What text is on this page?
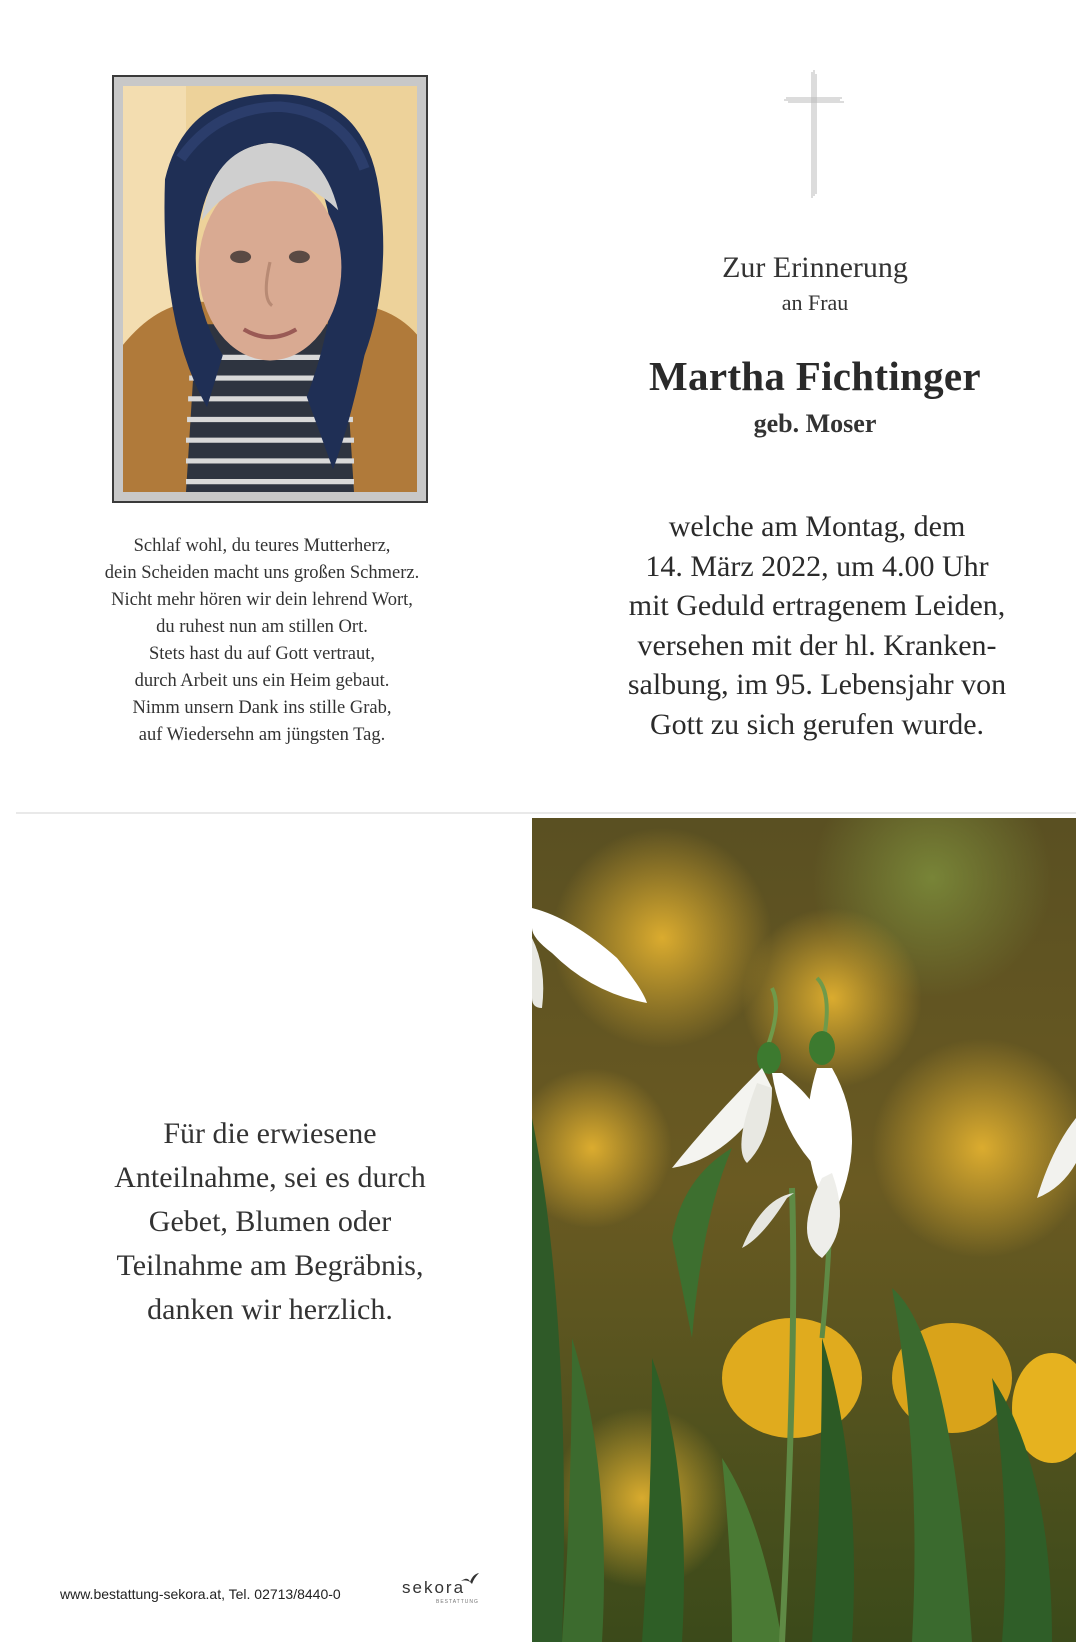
Schlaf wohl, du teures Mutterherz,
dein Scheiden macht uns großen Schmerz.
Nicht mehr hören wir dein lehrend Wort,
du ruhest nun am stillen Ort.
Stets hast du auf Gott vertraut,
durch Arbeit uns ein Heim gebaut.
Nimm unsern Dank ins stille Grab,
auf Wiedersehn am jüngsten Tag.
Zur Erinnerung
an Frau
Martha Fichtinger
geb. Moser
welche am Montag, dem
14. März 2022, um 4.00 Uhr
mit Geduld ertragenem Leiden,
versehen mit der hl. Kranken-
salbung, im 95. Lebensjahr von
Gott zu sich gerufen wurde.
Für die erwiesene
Anteilnahme, sei es durch
Gebet, Blumen oder
Teilnahme am Begräbnis,
danken wir herzlich.
www.bestattung-sekora.at, Tel. 02713/8440-0	sekora
BESTATTUNG
